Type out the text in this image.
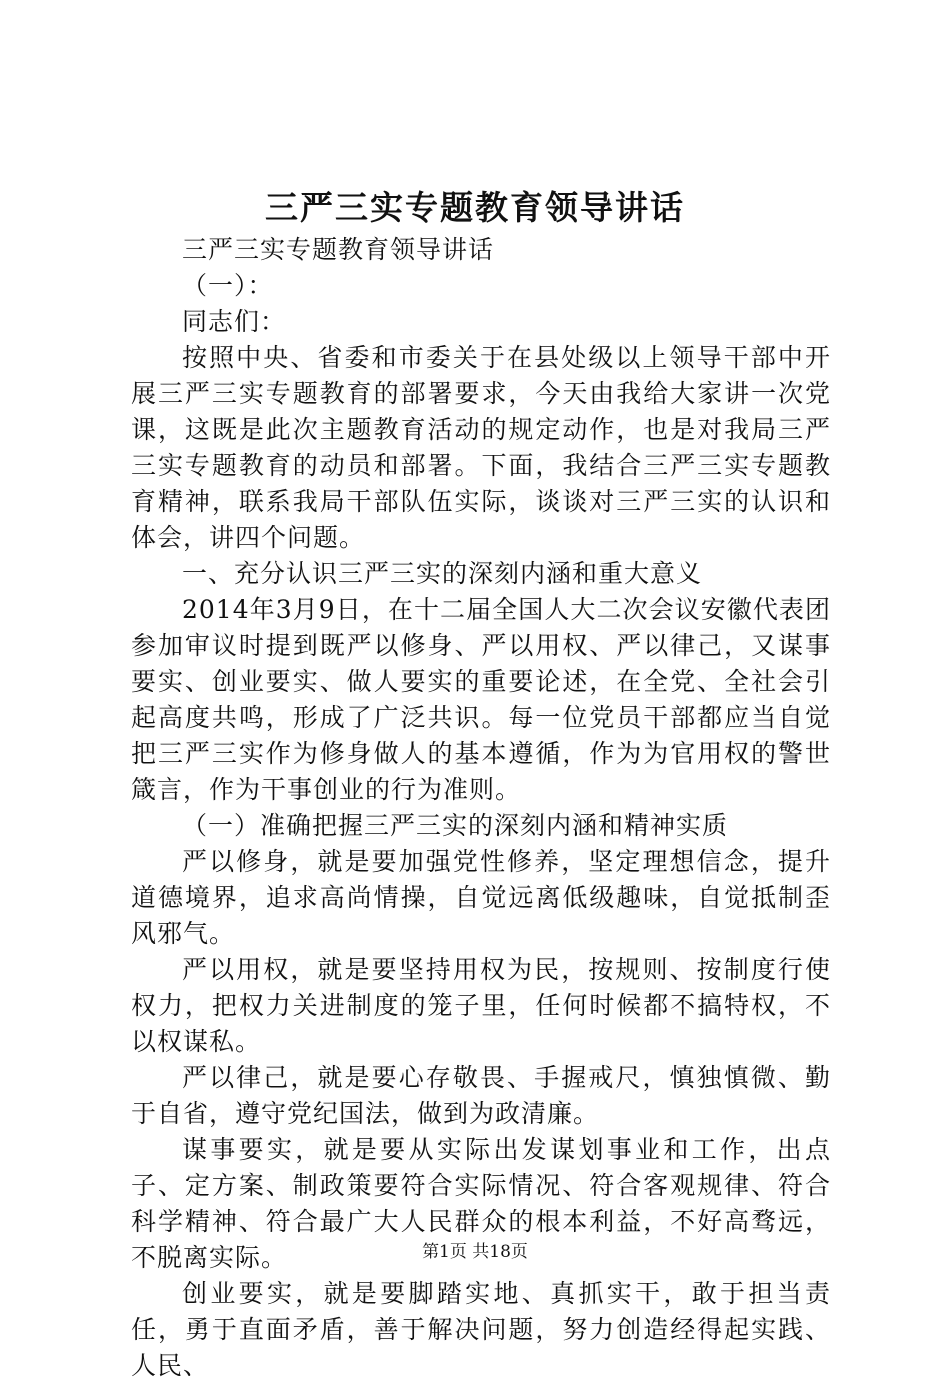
三严三实专题教育领导讲话

三严三实专题教育领导讲话

（一）：

同志们：

按照中央、省委和市委关于在县处级以上领导干部中开展三严三实专题教育的部署要求，今天由我给大家讲一次党课，这既是此次主题教育活动的规定动作，也是对我局三严三实专题教育的动员和部署。下面，我结合三严三实专题教育精神，联系我局干部队伍实际，谈谈对三严三实的认识和体会，讲四个问题。

一、充分认识三严三实的深刻内涵和重大意义

2014年3月9日，在十二届全国人大二次会议安徽代表团参加审议时提到既严以修身、严以用权、严以律己，又谋事要实、创业要实、做人要实的重要论述，在全党、全社会引起高度共鸣，形成了广泛共识。每一位党员干部都应当自觉把三严三实作为修身做人的基本遵循，作为为官用权的警世箴言，作为干事创业的行为准则。

（一）准确把握三严三实的深刻内涵和精神实质

严以修身，就是要加强党性修养，坚定理想信念，提升道德境界，追求高尚情操，自觉远离低级趣味，自觉抵制歪风邪气。

严以用权，就是要坚持用权为民，按规则、按制度行使权力，把权力关进制度的笼子里，任何时候都不搞特权，不以权谋私。

严以律己，就是要心存敬畏、手握戒尺，慎独慎微、勤于自省，遵守党纪国法，做到为政清廉。

谋事要实，就是要从实际出发谋划事业和工作，出点子、定方案、制政策要符合实际情况、符合客观规律、符合科学精神、符合最广大人民群众的根本利益，不好高骛远，不脱离实际。

创业要实，就是要脚踏实地、真抓实干，敢于担当责任，勇于直面矛盾，善于解决问题，努力创造经得起实践、人民、

第1页 共18页
